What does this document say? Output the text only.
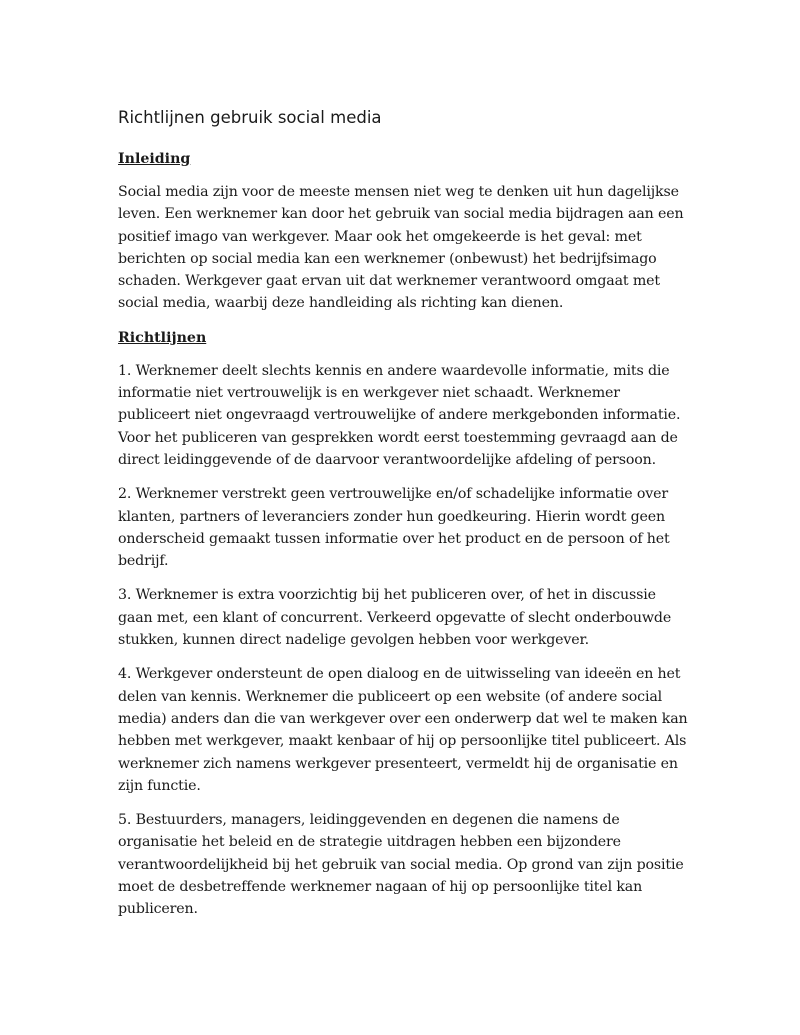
Richtlijnen gebruik social media
Inleiding

Social media zijn voor de meeste mensen niet weg te denken uit hun dagelijkse leven. Een werknemer kan door het gebruik van social media bijdragen aan een positief imago van werkgever. Maar ook het omgekeerde is het geval: met berichten op social media kan een werknemer (onbewust) het bedrijfsimago schaden. Werkgever gaat ervan uit dat werknemer verantwoord omgaat met social media, waarbij deze handleiding als richting kan dienen.

Richtlijnen

1. Werknemer deelt slechts kennis en andere waardevolle informatie, mits die informatie niet vertrouwelijk is en werkgever niet schaadt. Werknemer publiceert niet ongevraagd vertrouwelijke of andere merkgebonden informatie. Voor het publiceren van gesprekken wordt eerst toestemming gevraagd aan de direct leidinggevende of de daarvoor verantwoordelijke afdeling of persoon.

2. Werknemer verstrekt geen vertrouwelijke en/of schadelijke informatie over klanten, partners of leveranciers zonder hun goedkeuring. Hierin wordt geen onderscheid gemaakt tussen informatie over het product en de persoon of het bedrijf.

3. Werknemer is extra voorzichtig bij het publiceren over, of het in discussie gaan met, een klant of concurrent. Verkeerd opgevatte of slecht onderbouwde stukken, kunnen direct nadelige gevolgen hebben voor werkgever.

4. Werkgever ondersteunt de open dialoog en de uitwisseling van ideeën en het delen van kennis. Werknemer die publiceert op een website (of andere social media) anders dan die van werkgever over een onderwerp dat wel te maken kan hebben met werkgever, maakt kenbaar of hij op persoonlijke titel publiceert. Als werknemer zich namens werkgever presenteert, vermeldt hij de organisatie en zijn functie.

5. Bestuurders, managers, leidinggevenden en degenen die namens de organisatie het beleid en de strategie uitdragen hebben een bijzondere verantwoordelijkheid bij het gebruik van social media. Op grond van zijn positie moet de desbetreffende werknemer nagaan of hij op persoonlijke titel kan publiceren.
